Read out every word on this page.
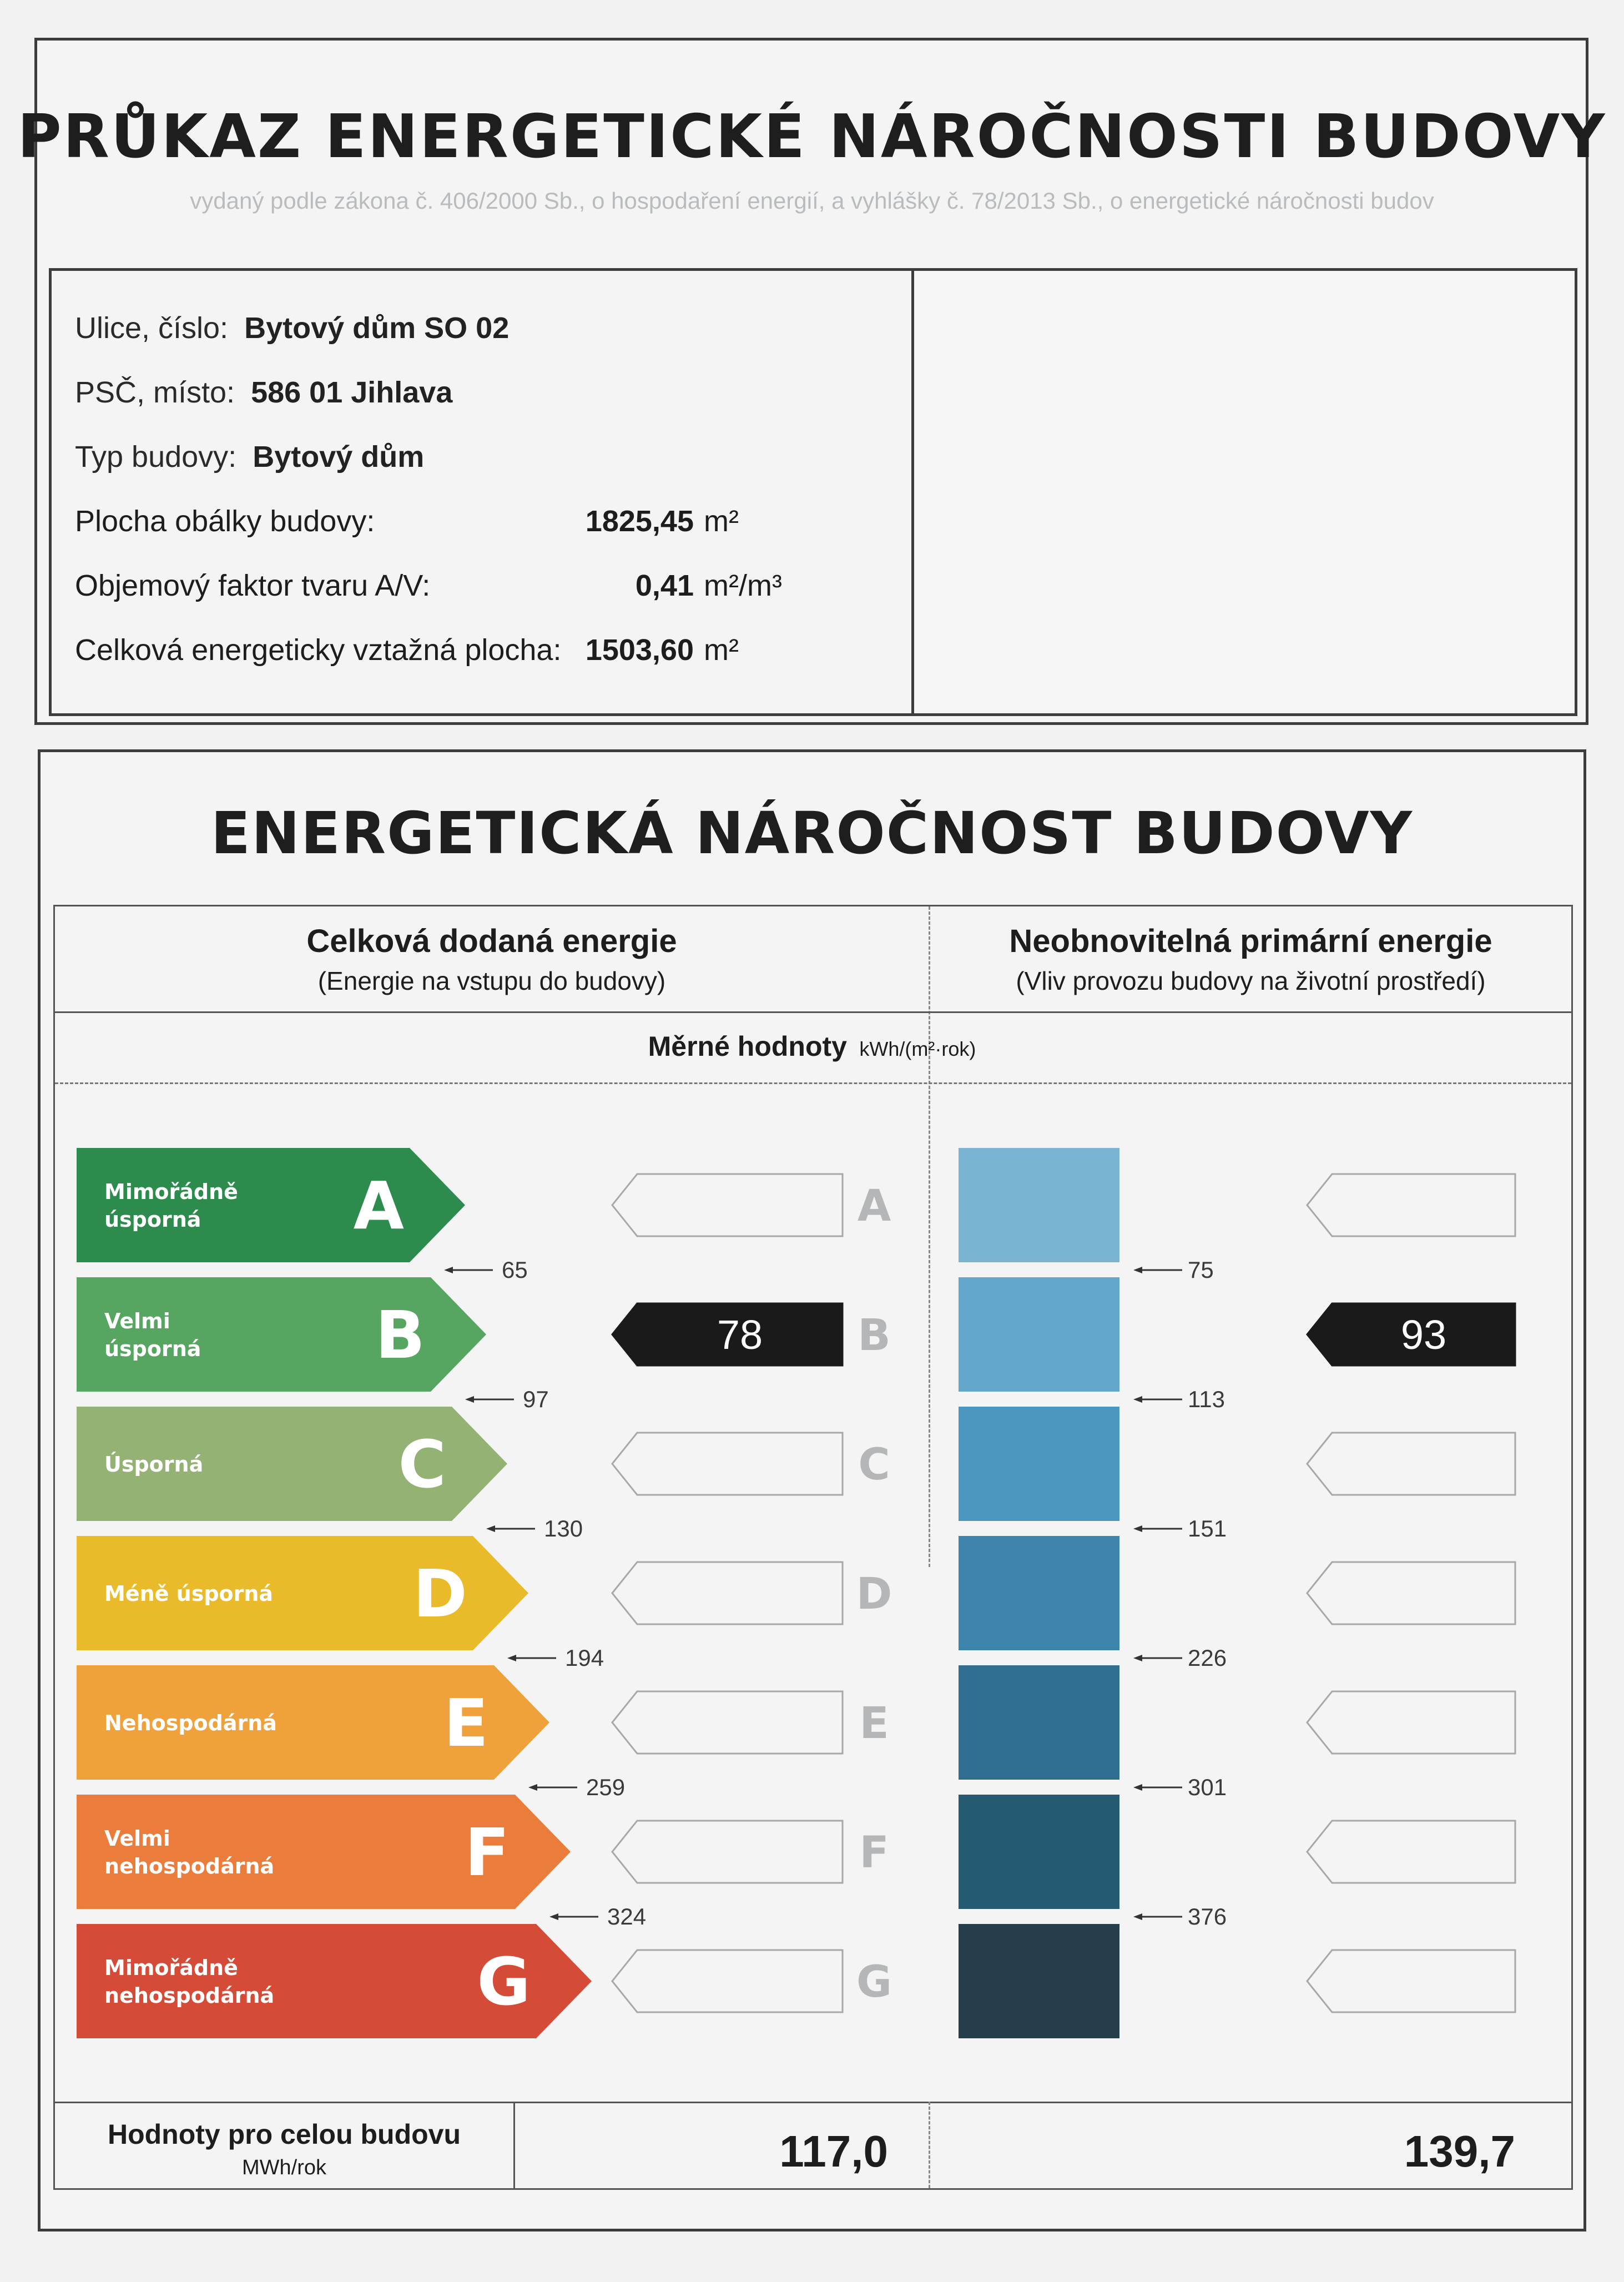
PRŮKAZ ENERGETICKÉ NÁROČNOSTI BUDOVY
vydaný podle zákona č. 406/2000 Sb., o hospodaření energií, a vyhlášky č. 78/2013 Sb., o energetické náročnosti budov
Ulice, číslo: Bytový dům SO 02
PSČ, místo: 586 01 Jihlava
Typ budovy: Bytový dům
Plocha obálky budovy:	1825,45 m²
Objemový faktor tvaru A/V:	0,41 m²/m³
Celková energeticky vztažná plocha: 1503,60 m²
ENERGETICKÁ NÁROČNOST BUDOVY
Celková dodaná energie
(Energie na vstupu do budovy)
Neobnovitelná primární energie
(Vliv provozu budovy na životní prostředí)
Měrné hodnoty kWh/(m²·rok)
Mimořádně
úsporná A
65
A
75
Velmi
úsporná	B
97
78 B
113
93
Úsporná	C
130
C
151
Méně úsporná D
194
D
226
Nehospodárná	E
259
E
301
Velmi
nehospodárná	F
324
F
376
Mimořádně
nehospodárná	G	G
Hodnoty pro celou budovu
MWh/rok	117,0	139,7
